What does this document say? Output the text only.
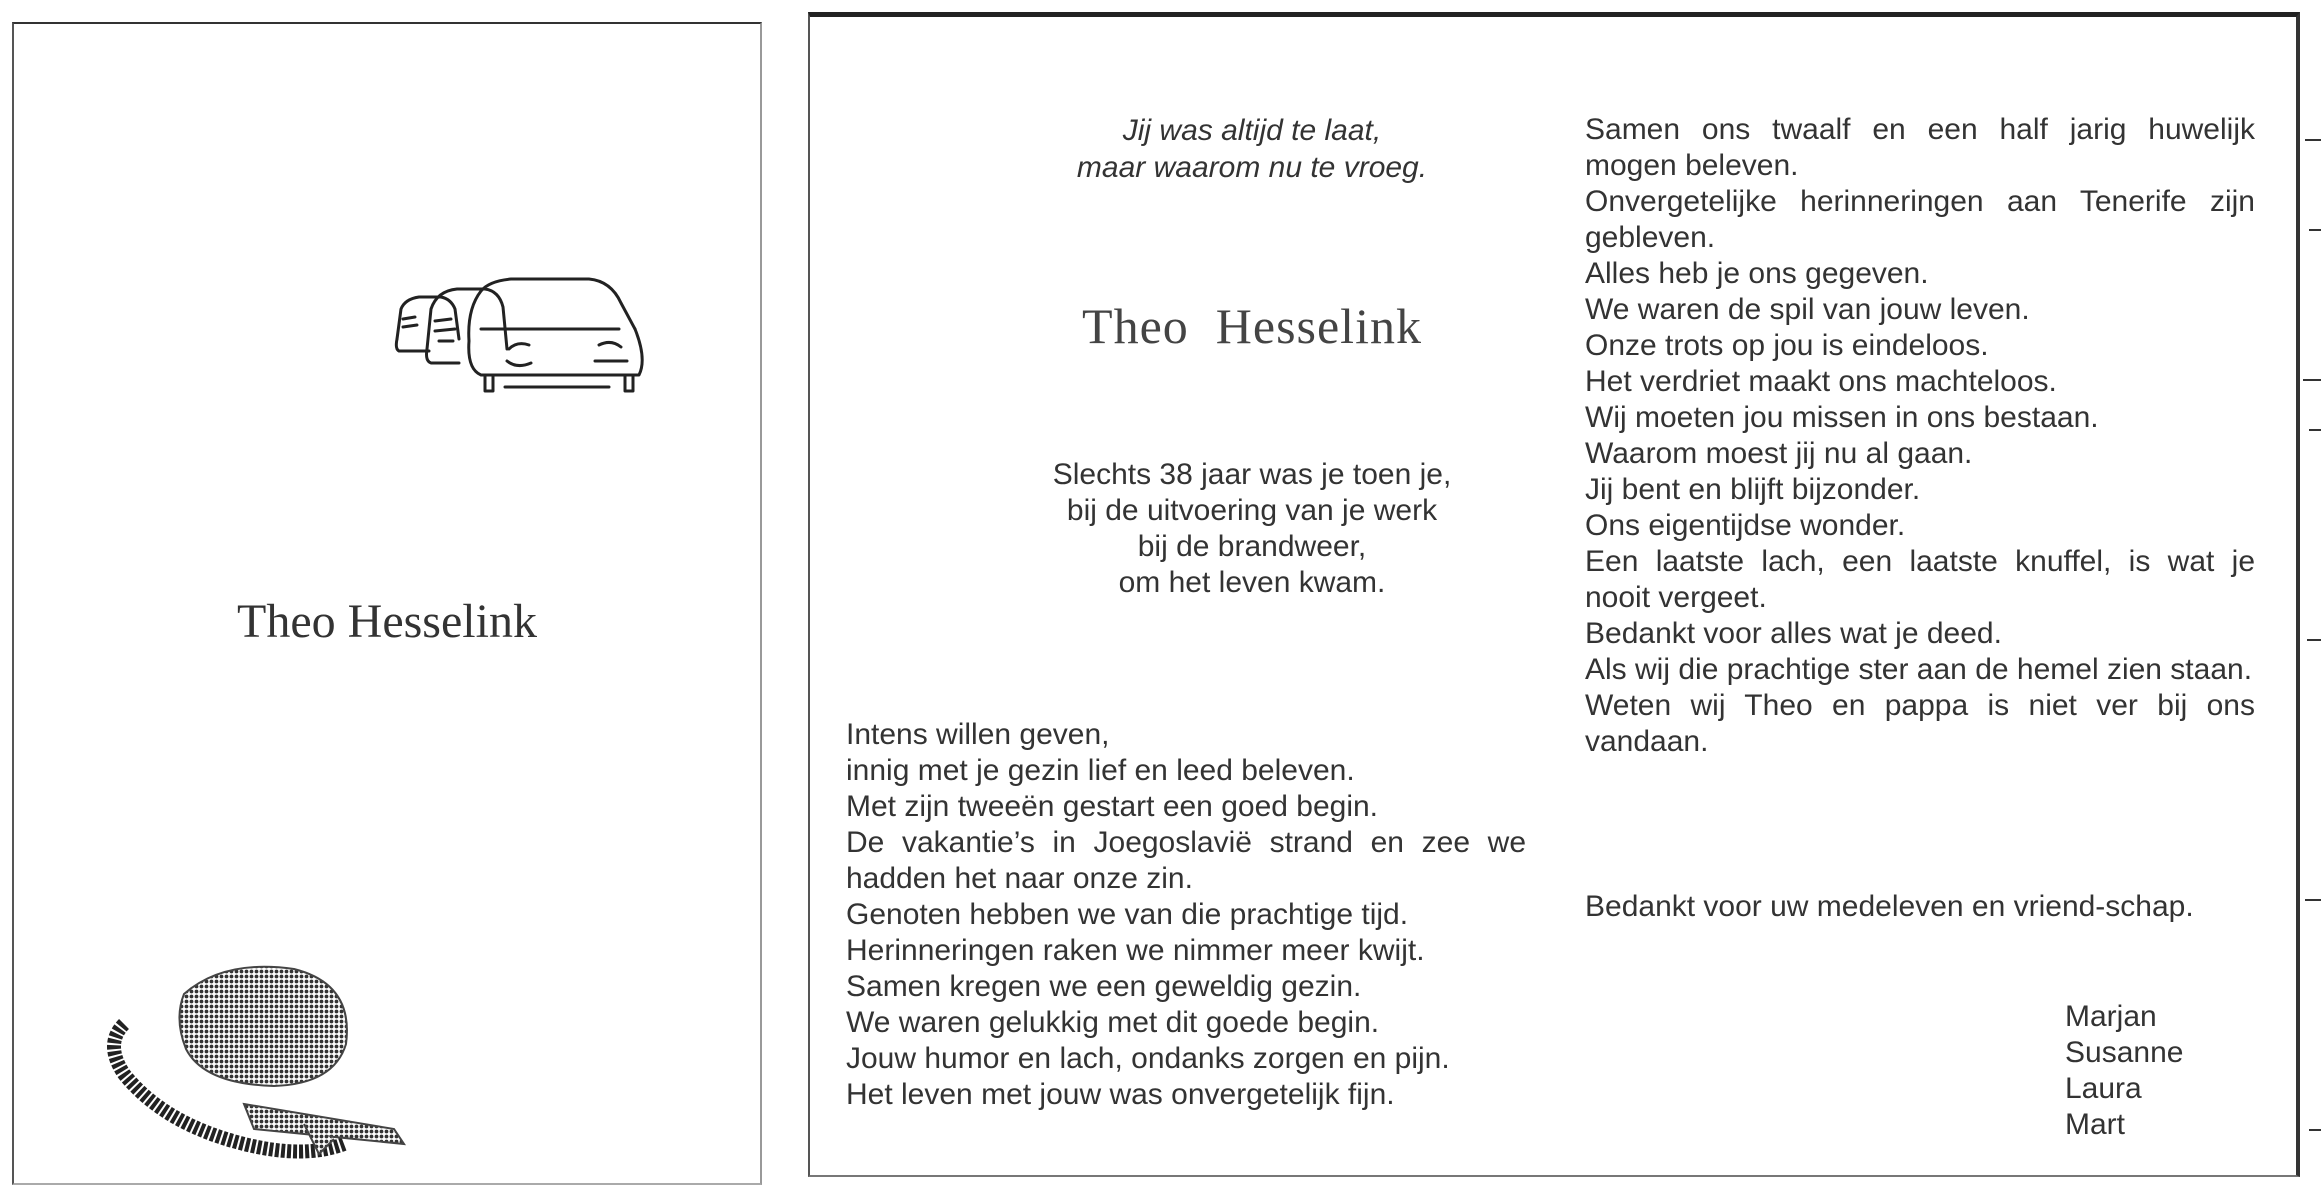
Theo Hesselink
Jij was altijd te laat,
maar waarom nu te vroeg.
Theo  Hesselink
Slechts 38 jaar was je toen je,
bij de uitvoering van je werk
bij de brandweer,
om het leven kwam.
Intens willen geven,
innig met je gezin lief en leed beleven.
Met zijn tweeën gestart een goed begin.
De vakantie’s in Joegoslavië strand en zee we hadden het naar onze zin.
Genoten hebben we van die prachtige tijd.
Herinneringen raken we nimmer meer kwijt.
Samen kregen we een geweldig gezin.
We waren gelukkig met dit goede begin.
Jouw humor en lach, ondanks zorgen en pijn.
Het leven met jouw was onvergetelijk fijn.
Samen ons twaalf en een half jarig huwelijk mogen beleven.
Onvergetelijke herinneringen aan Tenerife zijn gebleven.
Alles heb je ons gegeven.
We waren de spil van jouw leven.
Onze trots op jou is eindeloos.
Het verdriet maakt ons machteloos.
Wij moeten jou missen in ons bestaan.
Waarom moest jij nu al gaan.
Jij bent en blijft bijzonder.
Ons eigentijdse wonder.
Een laatste lach, een laatste knuffel, is wat je nooit vergeet.
Bedankt voor alles wat je deed.
Als wij die prachtige ster aan de hemel zien staan.
Weten wij Theo en pappa is niet ver bij ons vandaan.
Bedankt voor uw medeleven en vriend-schap.
Marjan
Susanne
Laura
Mart
